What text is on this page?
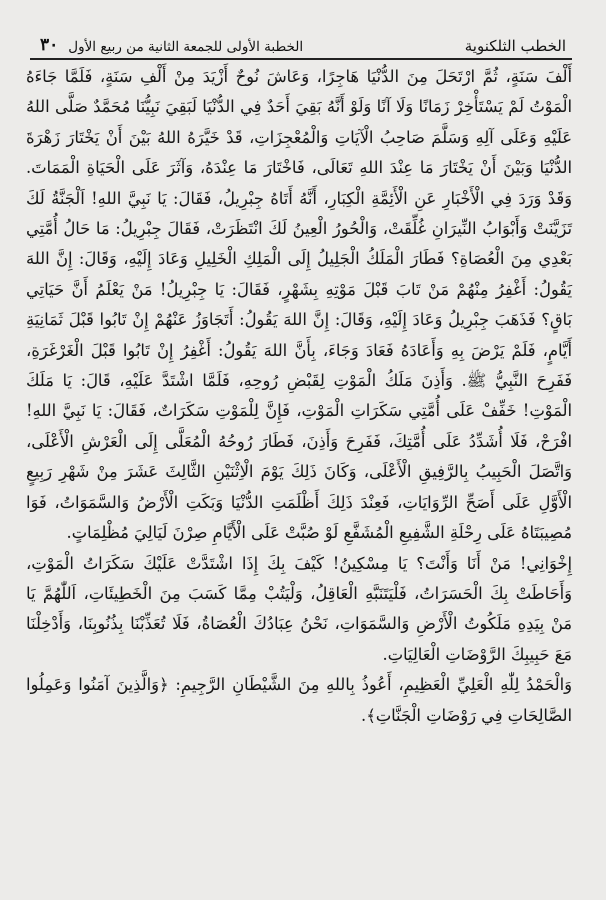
الخطب الثلكنوية
الخطبة الأولى للجمعة الثانية من ربيع الأول
٣٠

أَلْفَ سَنَةٍ، ثُمَّ ارْتَحَلَ مِنَ الدُّنْيَا هَاجِرًا، وَعَاشَ نُوحٌ أَزْيَدَ مِنْ أَلْفِ سَنَةٍ، فَلَمَّا جَاءَهُ الْمَوْتُ لَمْ يَسْتَأْخِرْ زَمَانًا وَلَا آنًا وَلَوْ أَنَّهُ بَقِيَ أَحَدٌ فِي الدُّنْيَا لَبَقِيَ نَبِيُّنَا مُحَمَّدٌ صَلَّى اللهُ عَلَيْهِ وَعَلَى آلِهِ وَسَلَّمَ صَاحِبُ الْآيَاتِ وَالْمُعْجِزَاتِ، قَدْ خَيَّرَهُ اللهُ بَيْنَ أَنْ يَخْتَارَ زَهْرَةَ الدُّنْيَا وَبَيْنَ أَنْ يَخْتَارَ مَا عِنْدَ اللهِ تَعَالَى، فَاخْتَارَ مَا عِنْدَهُ، وَآثَرَ عَلَى الْحَيَاةِ الْمَمَاتَ. وَقَدْ وَرَدَ فِي الْأَخْبَارِ عَنِ الْأَئِمَّةِ الْكِبَارِ، أَنَّهُ أَتَاهُ جِبْرِيلُ، فَقَالَ: يَا نَبِيَّ اللهِ! اَلْجَنَّةُ لَكَ تَزَيَّنَتْ وَأَبْوَابُ النِّيرَانِ غُلِّقَتْ، وَالْحُورُ الْعِينُ لَكَ انْتَظَرَتْ، فَقَالَ جِبْرِيلُ: مَا حَالُ أُمَّتِي بَعْدِي مِنَ الْعُصَاةِ؟ فَطَارَ الْمَلَكُ الْجَلِيلُ إِلَى الْمَلِكِ الْخَلِيلِ وَعَادَ إِلَيْهِ، وَقَالَ: إِنَّ اللهَ يَقُولُ: أَغْفِرُ مِنْهُمْ مَنْ تَابَ قَبْلَ مَوْتِهِ بِشَهْرٍ، فَقَالَ: يَا جِبْرِيلُ! مَنْ يَعْلَمُ أَنَّ حَيَاتِي بَاقٍ؟ فَذَهَبَ جِبْرِيلُ وَعَادَ إِلَيْهِ، وَقَالَ: إِنَّ اللهَ يَقُولُ: أَتَجَاوَزُ عَنْهُمْ إِنْ تَابُوا قَبْلَ ثَمَانِيَةِ أَيَّامٍ، فَلَمْ يَرْضَ بِهِ وَأَعَادَهُ فَعَادَ وَجَاءَ، بِأَنَّ اللهَ يَقُولُ: أَغْفِرُ إِنْ تَابُوا قَبْلَ الْغَرْغَرَةِ، فَفَرِحَ النَّبِيُّ ﷺ. وَأَذِنَ مَلَكُ الْمَوْتِ لِقَبْضِ رُوحِهِ، فَلَمَّا اشْتَدَّ عَلَيْهِ، قَالَ: يَا مَلَكَ الْمَوْتِ! خَفِّفْ عَلَى أُمَّتِي سَكَرَاتِ الْمَوْتِ، فَإِنَّ لِلْمَوْتِ سَكَرَاتٌ، فَقَالَ: يَا نَبِيَّ اللهِ! افْرَحْ، فَلَا أُشَدِّدُ عَلَى أُمَّتِكَ، فَفَرِحَ وَأَذِنَ، فَطَارَ رُوحُهُ الْمُعَلَّى إِلَى الْعَرْشِ الْأَعْلَى، وَاتَّصَلَ الْحَبِيبُ بِالرَّفِيقِ الْأَعْلَى، وَكَانَ ذَلِكَ يَوْمَ الْاِثْنَيْنِ الثَّالِثَ عَشَرَ مِنْ شَهْرِ رَبِيعٍ الْأَوَّلِ عَلَى أَصَحِّ الرِّوَايَاتِ، فَعِنْدَ ذَلِكَ أَظْلَمَتِ الدُّنْيَا وَبَكَتِ الْأَرْضُ وَالسَّمَوَاتُ، فَوَا مُصِيبَتَاهُ عَلَى رِحْلَةِ الشَّفِيعِ الْمُشَفَّعِ لَوْ صُبَّتْ عَلَى الْأَيَّامِ صِرْنَ لَيَالِيَ مُظْلِمَاتٍ.

إِخْوَانِي! مَنْ أَنَا وَأَنْتَ؟ يَا مِسْكِينُ! كَيْفَ بِكَ إِذَا اشْتَدَّتْ عَلَيْكَ سَكَرَاتُ الْمَوْتِ، وَأَحَاطَتْ بِكَ الْحَسَرَاتُ، فَلْيَتَنَبَّهِ الْعَاقِلُ، وَلْيَتُبْ مِمَّا كَسَبَ مِنَ الْخَطِيئَاتِ، اَللّٰهُمَّ يَا مَنْ بِيَدِهِ مَلَكُوتُ الْأَرْضِ وَالسَّمَوَاتِ، نَحْنُ عِبَادُكَ الْعُصَاةُ، فَلَا تُعَذِّبْنَا بِذُنُوبِنَا، وَأَدْخِلْنَا مَعَ حَبِيبِكَ الرَّوْضَاتِ الْعَالِيَاتِ.

وَالْحَمْدُ لِلّٰهِ الْعَلِيِّ الْعَظِيمِ، أَعُوذُ بِاللهِ مِنَ الشَّيْطَانِ الرَّجِيمِ: ﴿وَالَّذِينَ آمَنُوا وَعَمِلُوا الصَّالِحَاتِ فِي رَوْضَاتِ الْجَنَّاتِ﴾.
